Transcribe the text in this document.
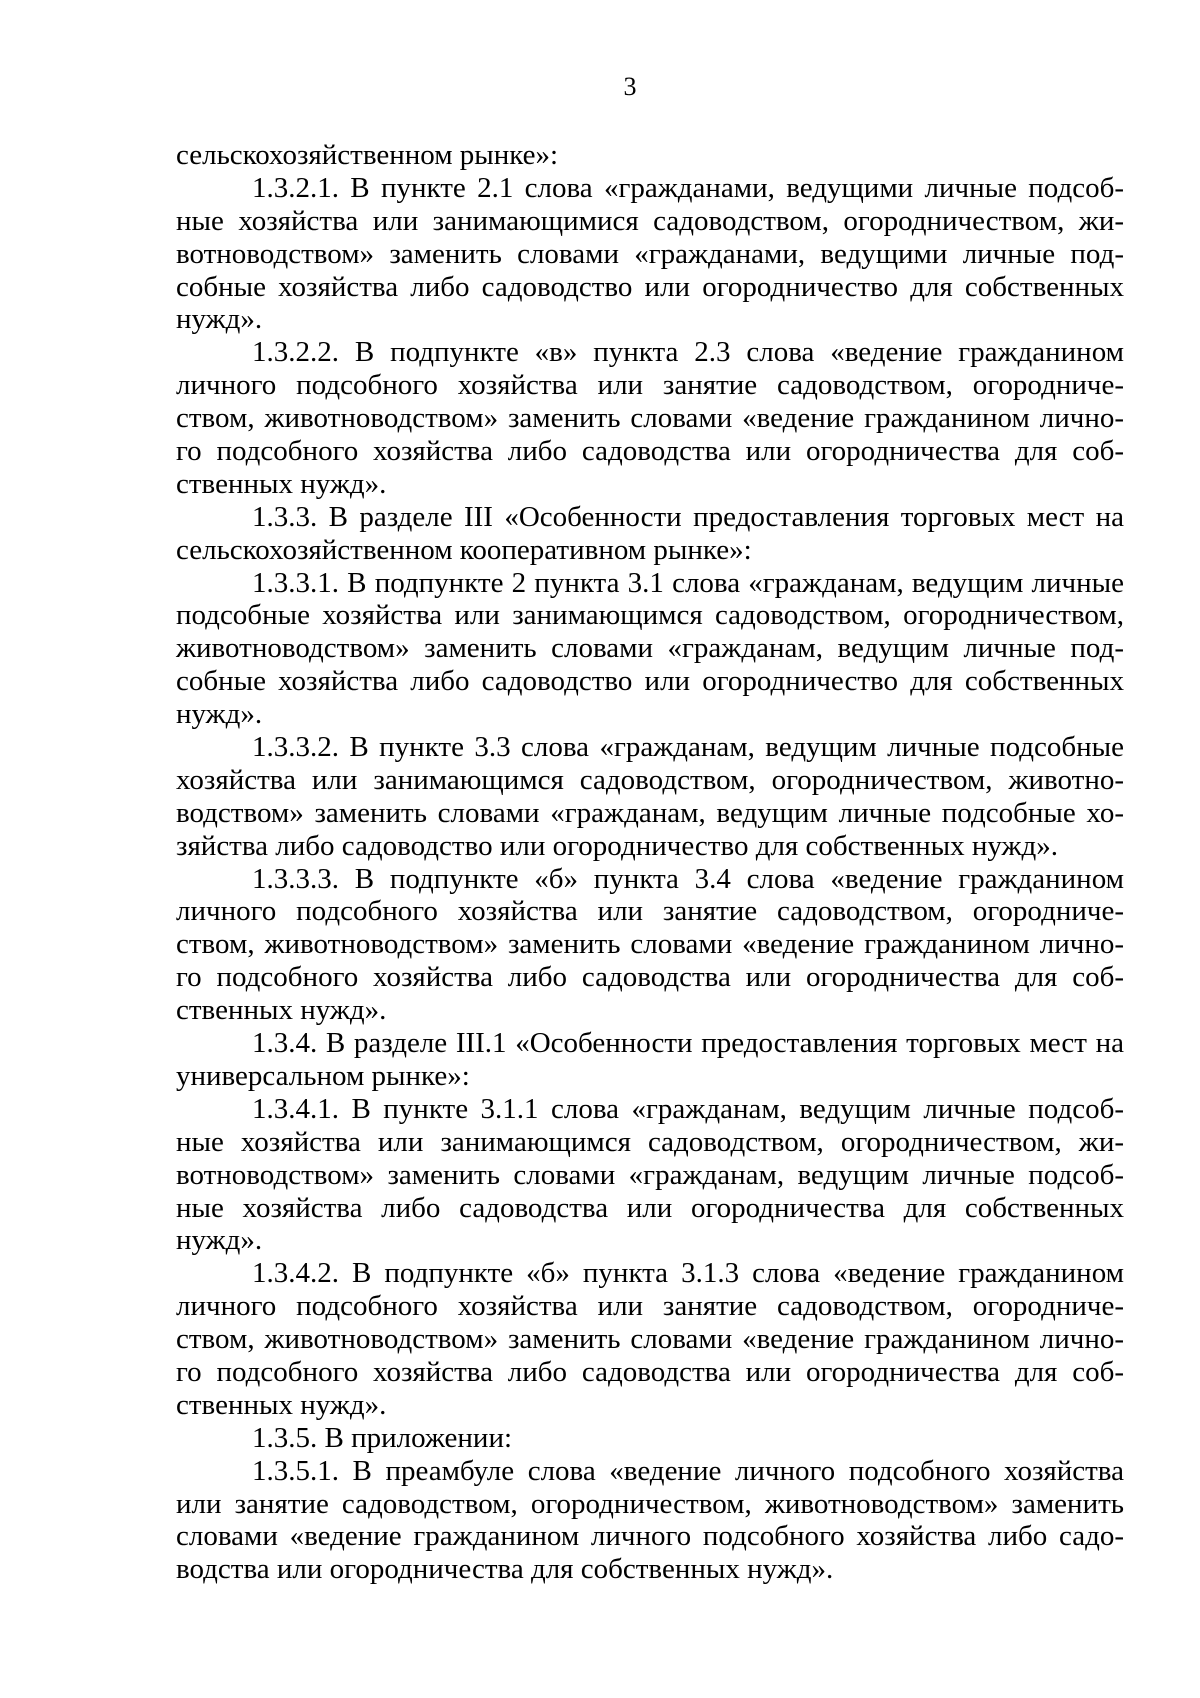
3
сельскохозяйственном рынке»:
1.3.2.1. В пункте 2.1 слова «гражданами, ведущими личные подсоб-
ные хозяйства или занимающимися садоводством, огородничеством, жи-
вотноводством» заменить словами «гражданами, ведущими личные под-
собные хозяйства либо садоводство или огородничество для собственных
нужд».
1.3.2.2. В подпункте «в» пункта 2.3 слова «ведение гражданином
личного подсобного хозяйства или занятие садоводством, огородниче-
ством, животноводством» заменить словами «ведение гражданином лично-
го подсобного хозяйства либо садоводства или огородничества для соб-
ственных нужд».
1.3.3. В разделе III «Особенности предоставления торговых мест на
сельскохозяйственном кооперативном рынке»:
1.3.3.1. В подпункте 2 пункта 3.1 слова «гражданам, ведущим личные
подсобные хозяйства или занимающимся садоводством, огородничеством,
животноводством» заменить словами «гражданам, ведущим личные под-
собные хозяйства либо садоводство или огородничество для собственных
нужд».
1.3.3.2. В пункте 3.3 слова «гражданам, ведущим личные подсобные
хозяйства или занимающимся садоводством, огородничеством, животно-
водством» заменить словами «гражданам, ведущим личные подсобные хо-
зяйства либо садоводство или огородничество для собственных нужд».
1.3.3.3. В подпункте «б» пункта 3.4 слова «ведение гражданином
личного подсобного хозяйства или занятие садоводством, огородниче-
ством, животноводством» заменить словами «ведение гражданином лично-
го подсобного хозяйства либо садоводства или огородничества для соб-
ственных нужд».
1.3.4. В разделе III.1 «Особенности предоставления торговых мест на
универсальном рынке»:
1.3.4.1. В пункте 3.1.1 слова «гражданам, ведущим личные подсоб-
ные хозяйства или занимающимся садоводством, огородничеством, жи-
вотноводством» заменить словами «гражданам, ведущим личные подсоб-
ные хозяйства либо садоводства или огородничества для собственных
нужд».
1.3.4.2. В подпункте «б» пункта 3.1.3 слова «ведение гражданином
личного подсобного хозяйства или занятие садоводством, огородниче-
ством, животноводством» заменить словами «ведение гражданином лично-
го подсобного хозяйства либо садоводства или огородничества для соб-
ственных нужд».
1.3.5. В приложении:
1.3.5.1. В преамбуле слова «ведение личного подсобного хозяйства
или занятие садоводством, огородничеством, животноводством» заменить
словами «ведение гражданином личного подсобного хозяйства либо садо-
водства или огородничества для собственных нужд».
